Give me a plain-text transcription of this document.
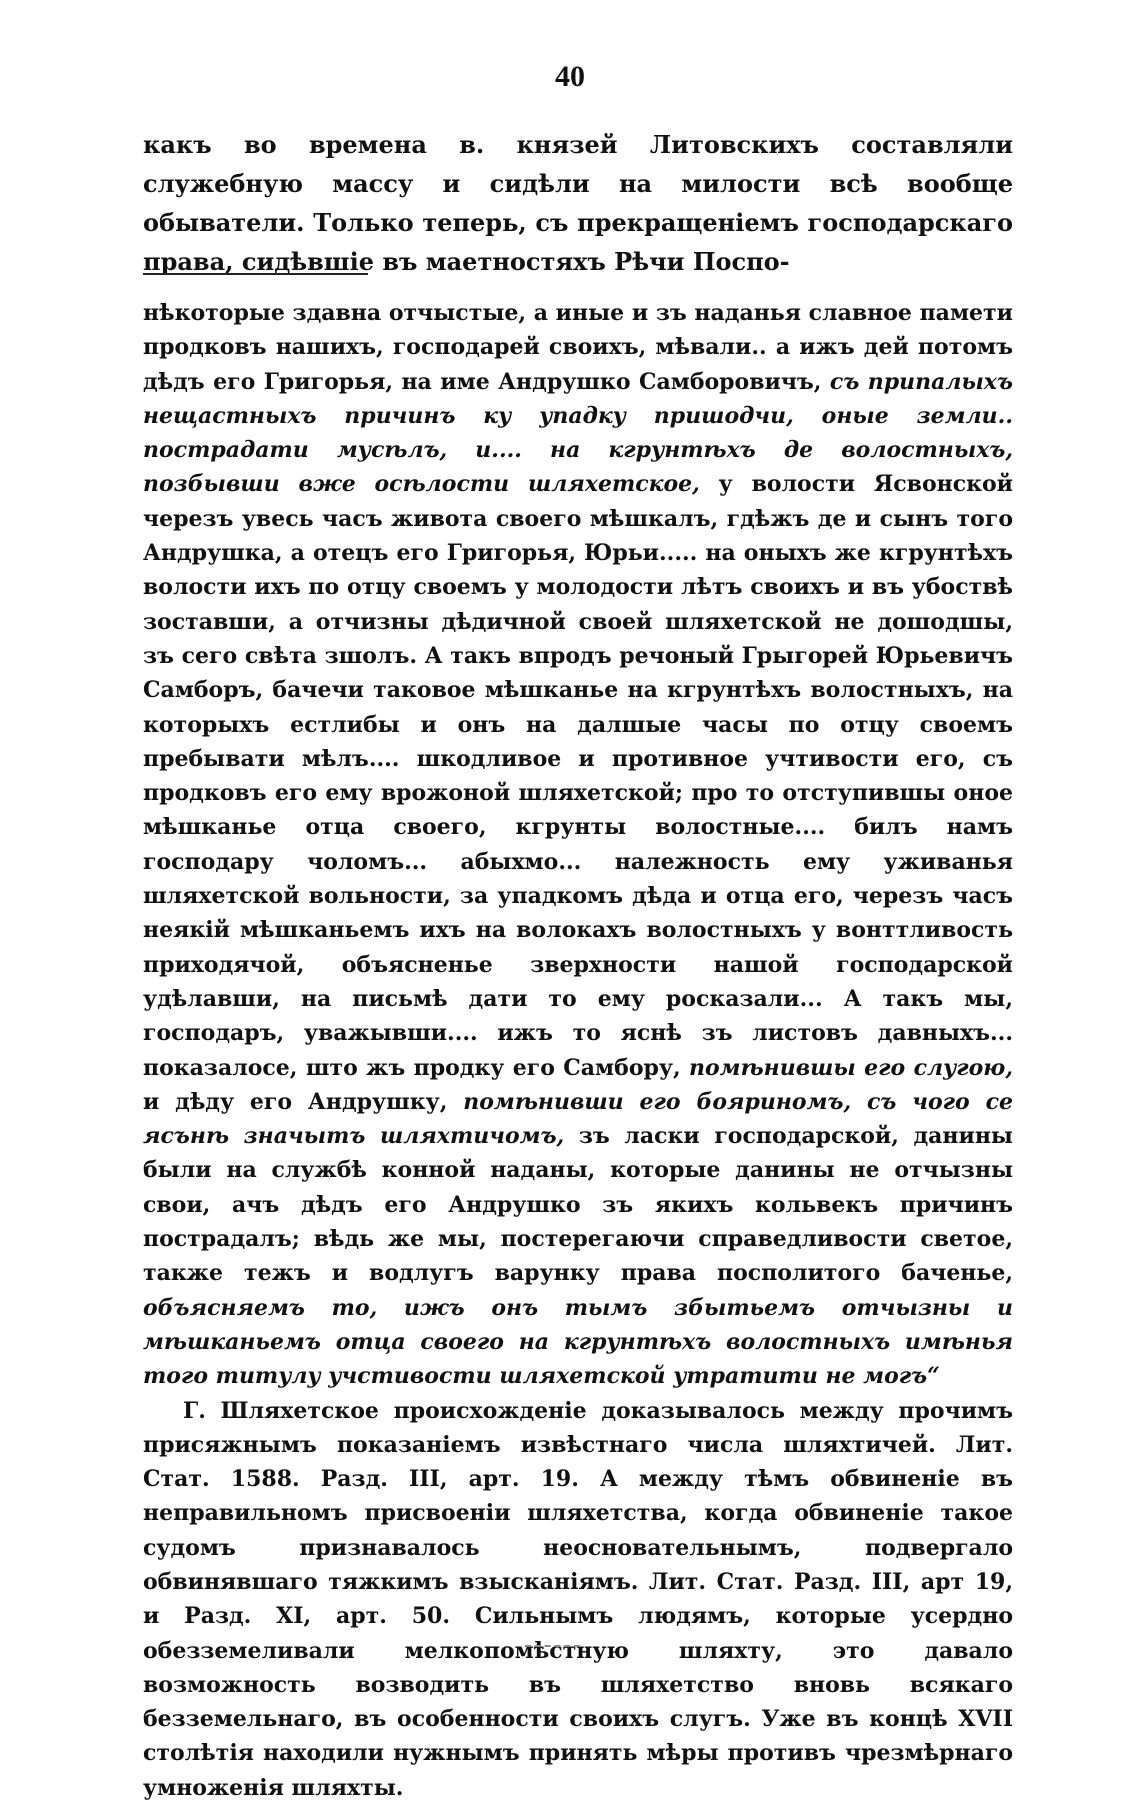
40

какъ во времена в. князей Литовскихъ составляли служебную массу и сидѣли на милости всѣ вообще обыватели. Только теперь, съ прекращеніемъ господарскаго права, сидѣвшіе въ маетностяхъ Рѣчи Поспо-

нѣкоторые здавна отчыстые, а иные и зъ наданья славное памети продковъ нашихъ, господарей своихъ, мѣвали.. а ижъ дей потомъ дѣдъ его Григорья, на име Андрушко Самборовичъ, съ припалыхъ нещастныхъ причинъ ку упадку пришодчи, оные земли.. пострадати мусѣлъ, и.... на кгрунтѣхъ де волостныхъ, позбывши вже осѣлости шляхетское, у волости Ясвонской черезъ увесь часъ живота своего мѣшкалъ, гдѣжъ де и сынъ того Андрушка, а отецъ его Григорья, Юрьи..... на оныхъ же кгрунтѣхъ волости ихъ по отцу своемъ у молодости лѣтъ своихъ и въ убоствѣ зоставши, а отчизны дѣдичной своей шляхетской не дошодшы, зъ сего свѣта зшолъ. А такъ впродъ речоный Грыгорей Юрьевичъ Самборъ, бачечи таковое мѣшканье на кгрунтѣхъ волостныхъ, на которыхъ естлибы и онъ на далшые часы по отцу своемъ пребывати мѣлъ.... шкодливое и противное учтивости его, съ продковъ его ему врожоной шляхетской; про то отступившы оное мѣшканье отца своего, кгрунты волостные.... билъ намъ господару чоломъ... абыхмо... належность ему уживанья шляхетской вольности, за упадкомъ дѣда и отца его, черезъ часъ неякій мѣшканьемъ ихъ на волокахъ волостныхъ у вонттливость приходячой, объясненье зверхности нашой господарской удѣлавши, на письмѣ дати то ему росказали... А такъ мы, господаръ, уважывши.... ижъ то яснѣ зъ листовъ давныхъ... показалосе, што жъ продку его Самбору, помѣнившы его слугою, и дѣду его Андрушку, помѣнивши его бояриномъ, съ чого се ясънѣ значытъ шляхтичомъ, зъ ласки господарской, данины были на службѣ конной наданы, которые данины не отчызны свои, ачъ дѣдъ его Андрушко зъ якихъ кольвекъ причинъ пострадалъ; вѣдь же мы, постерегаючи справедливости светое, также тежъ и водлугъ варунку права посполитого баченье, объясняемъ то, ижъ онъ тымъ збытьемъ отчызны и мѣшканьемъ отца своего на кгрунтѣхъ волостныхъ имѣнья того титулу учстивости шляхетской утратити не могъ“

Г. Шляхетское происхожденіе доказывалось между прочимъ присяжнымъ показаніемъ извѣстнаго числа шляхтичей. Лит. Стат. 1588. Разд. III, арт. 19. А между тѣмъ обвиненіе въ неправильномъ присвоеніи шляхетства, когда обвиненіе такое судомъ признавалось неосновательнымъ, подвергало обвинявшаго тяжкимъ взысканіямъ. Лит. Стат. Разд. III, арт 19, и Разд. XI, арт. 50. Сильнымъ людямъ, которые усердно обезземеливали мелкопомѣстную шляхту, это давало возможность возводить въ шляхетство вновь всякаго безземельнаго, въ особенности своихъ слугъ. Уже въ концѣ XVII столѣтія находили нужнымъ принять мѣры противъ чрезмѣрнаго умноженія шляхты.
